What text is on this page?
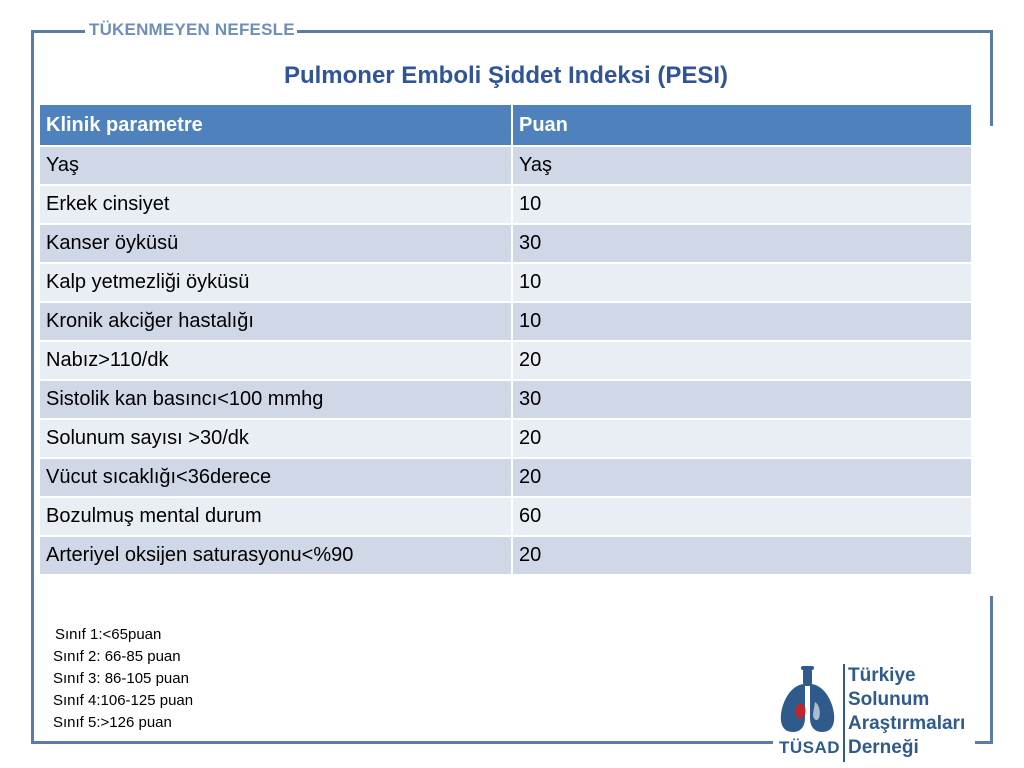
TÜKENMEYEN NEFESLE
Pulmoner Emboli Şiddet Indeksi (PESI)
Klinik parametre	Puan
Yaş	Yaş
Erkek cinsiyet	10
Kanser öyküsü	30
Kalp yetmezliği öyküsü	10
Kronik akciğer hastalığı	10
Nabız>110/dk	20
Sistolik kan basıncı<100 mmhg	30
Solunum sayısı >30/dk	20
Vücut sıcaklığı<36derece	20
Bozulmuş mental durum	60
Arteriyel oksijen saturasyonu<%90	20
Sınıf 1:<65puan
Sınıf 2: 66-85 puan
Sınıf 3: 86-105 puan
Sınıf 4:106-125 puan
Sınıf 5:>126 puan
TÜSAD
Türkiye
Solunum
Araştırmaları
Derneği
